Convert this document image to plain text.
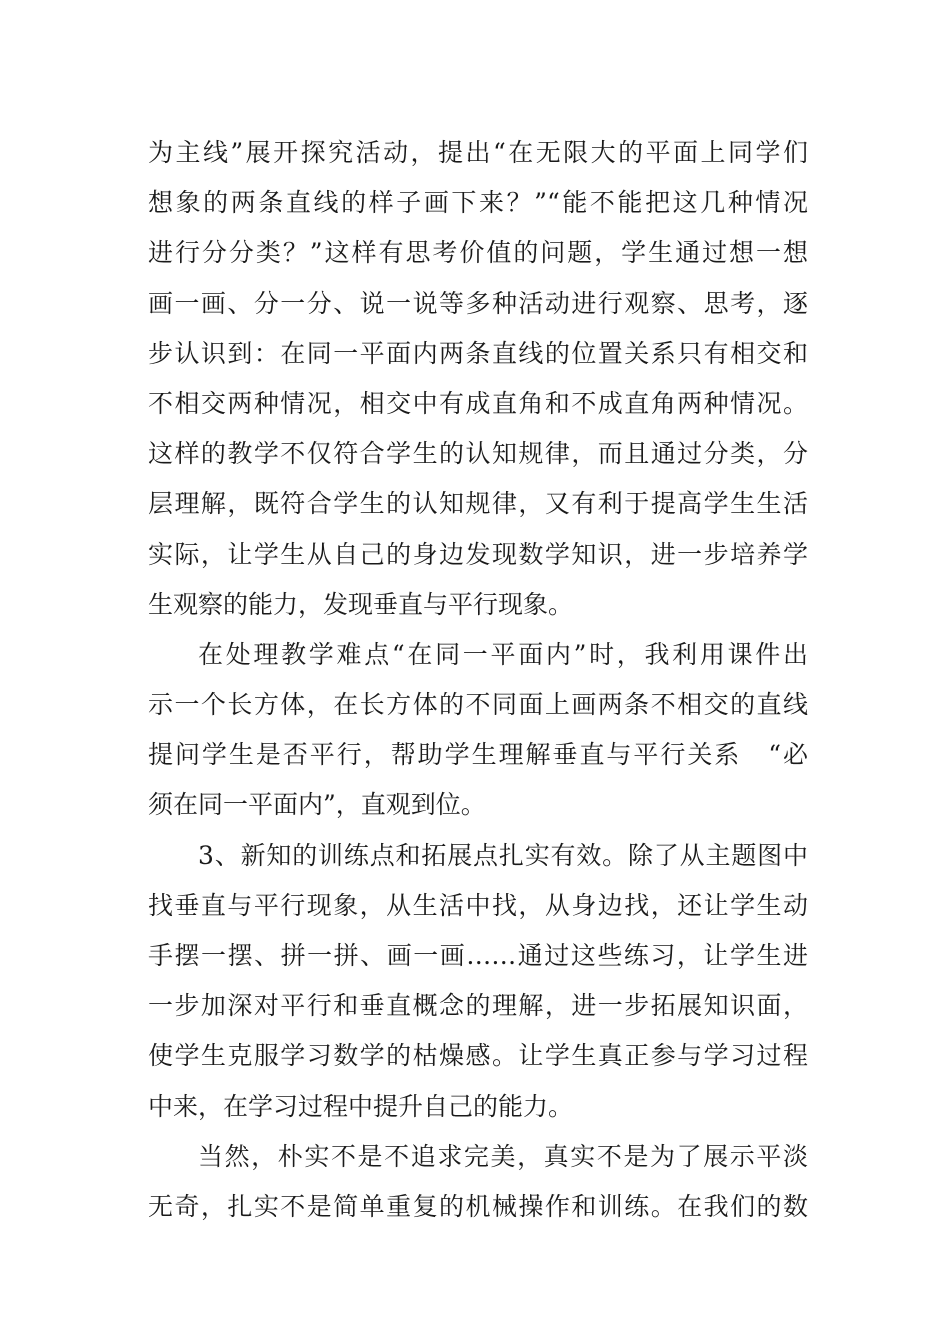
为主线”展开探究活动，提出“在无限大的平面上同学们
想象的两条直线的样子画下来？”“能不能把这几种情况
进行分分类？”这样有思考价值的问题，学生通过想一想
画一画、分一分、说一说等多种活动进行观察、思考，逐
步认识到：在同一平面内两条直线的位置关系只有相交和
不相交两种情况，相交中有成直角和不成直角两种情况。
这样的教学不仅符合学生的认知规律，而且通过分类，分
层理解，既符合学生的认知规律，又有利于提高学生生活
实际，让学生从自己的身边发现数学知识，进一步培养学
生观察的能力，发现垂直与平行现象。
在处理教学难点“在同一平面内”时，我利用课件出
示一个长方体，在长方体的不同面上画两条不相交的直线
提问学生是否平行，帮助学生理解垂直与平行关系　“必
须在同一平面内”，直观到位。
3、新知的训练点和拓展点扎实有效。除了从主题图中
找垂直与平行现象，从生活中找，从身边找，还让学生动
手摆一摆、拼一拼、画一画……通过这些练习，让学生进
一步加深对平行和垂直概念的理解，进一步拓展知识面，
使学生克服学习数学的枯燥感。让学生真正参与学习过程
中来，在学习过程中提升自己的能力。
当然，朴实不是不追求完美，真实不是为了展示平淡
无奇，扎实不是简单重复的机械操作和训练。在我们的数
